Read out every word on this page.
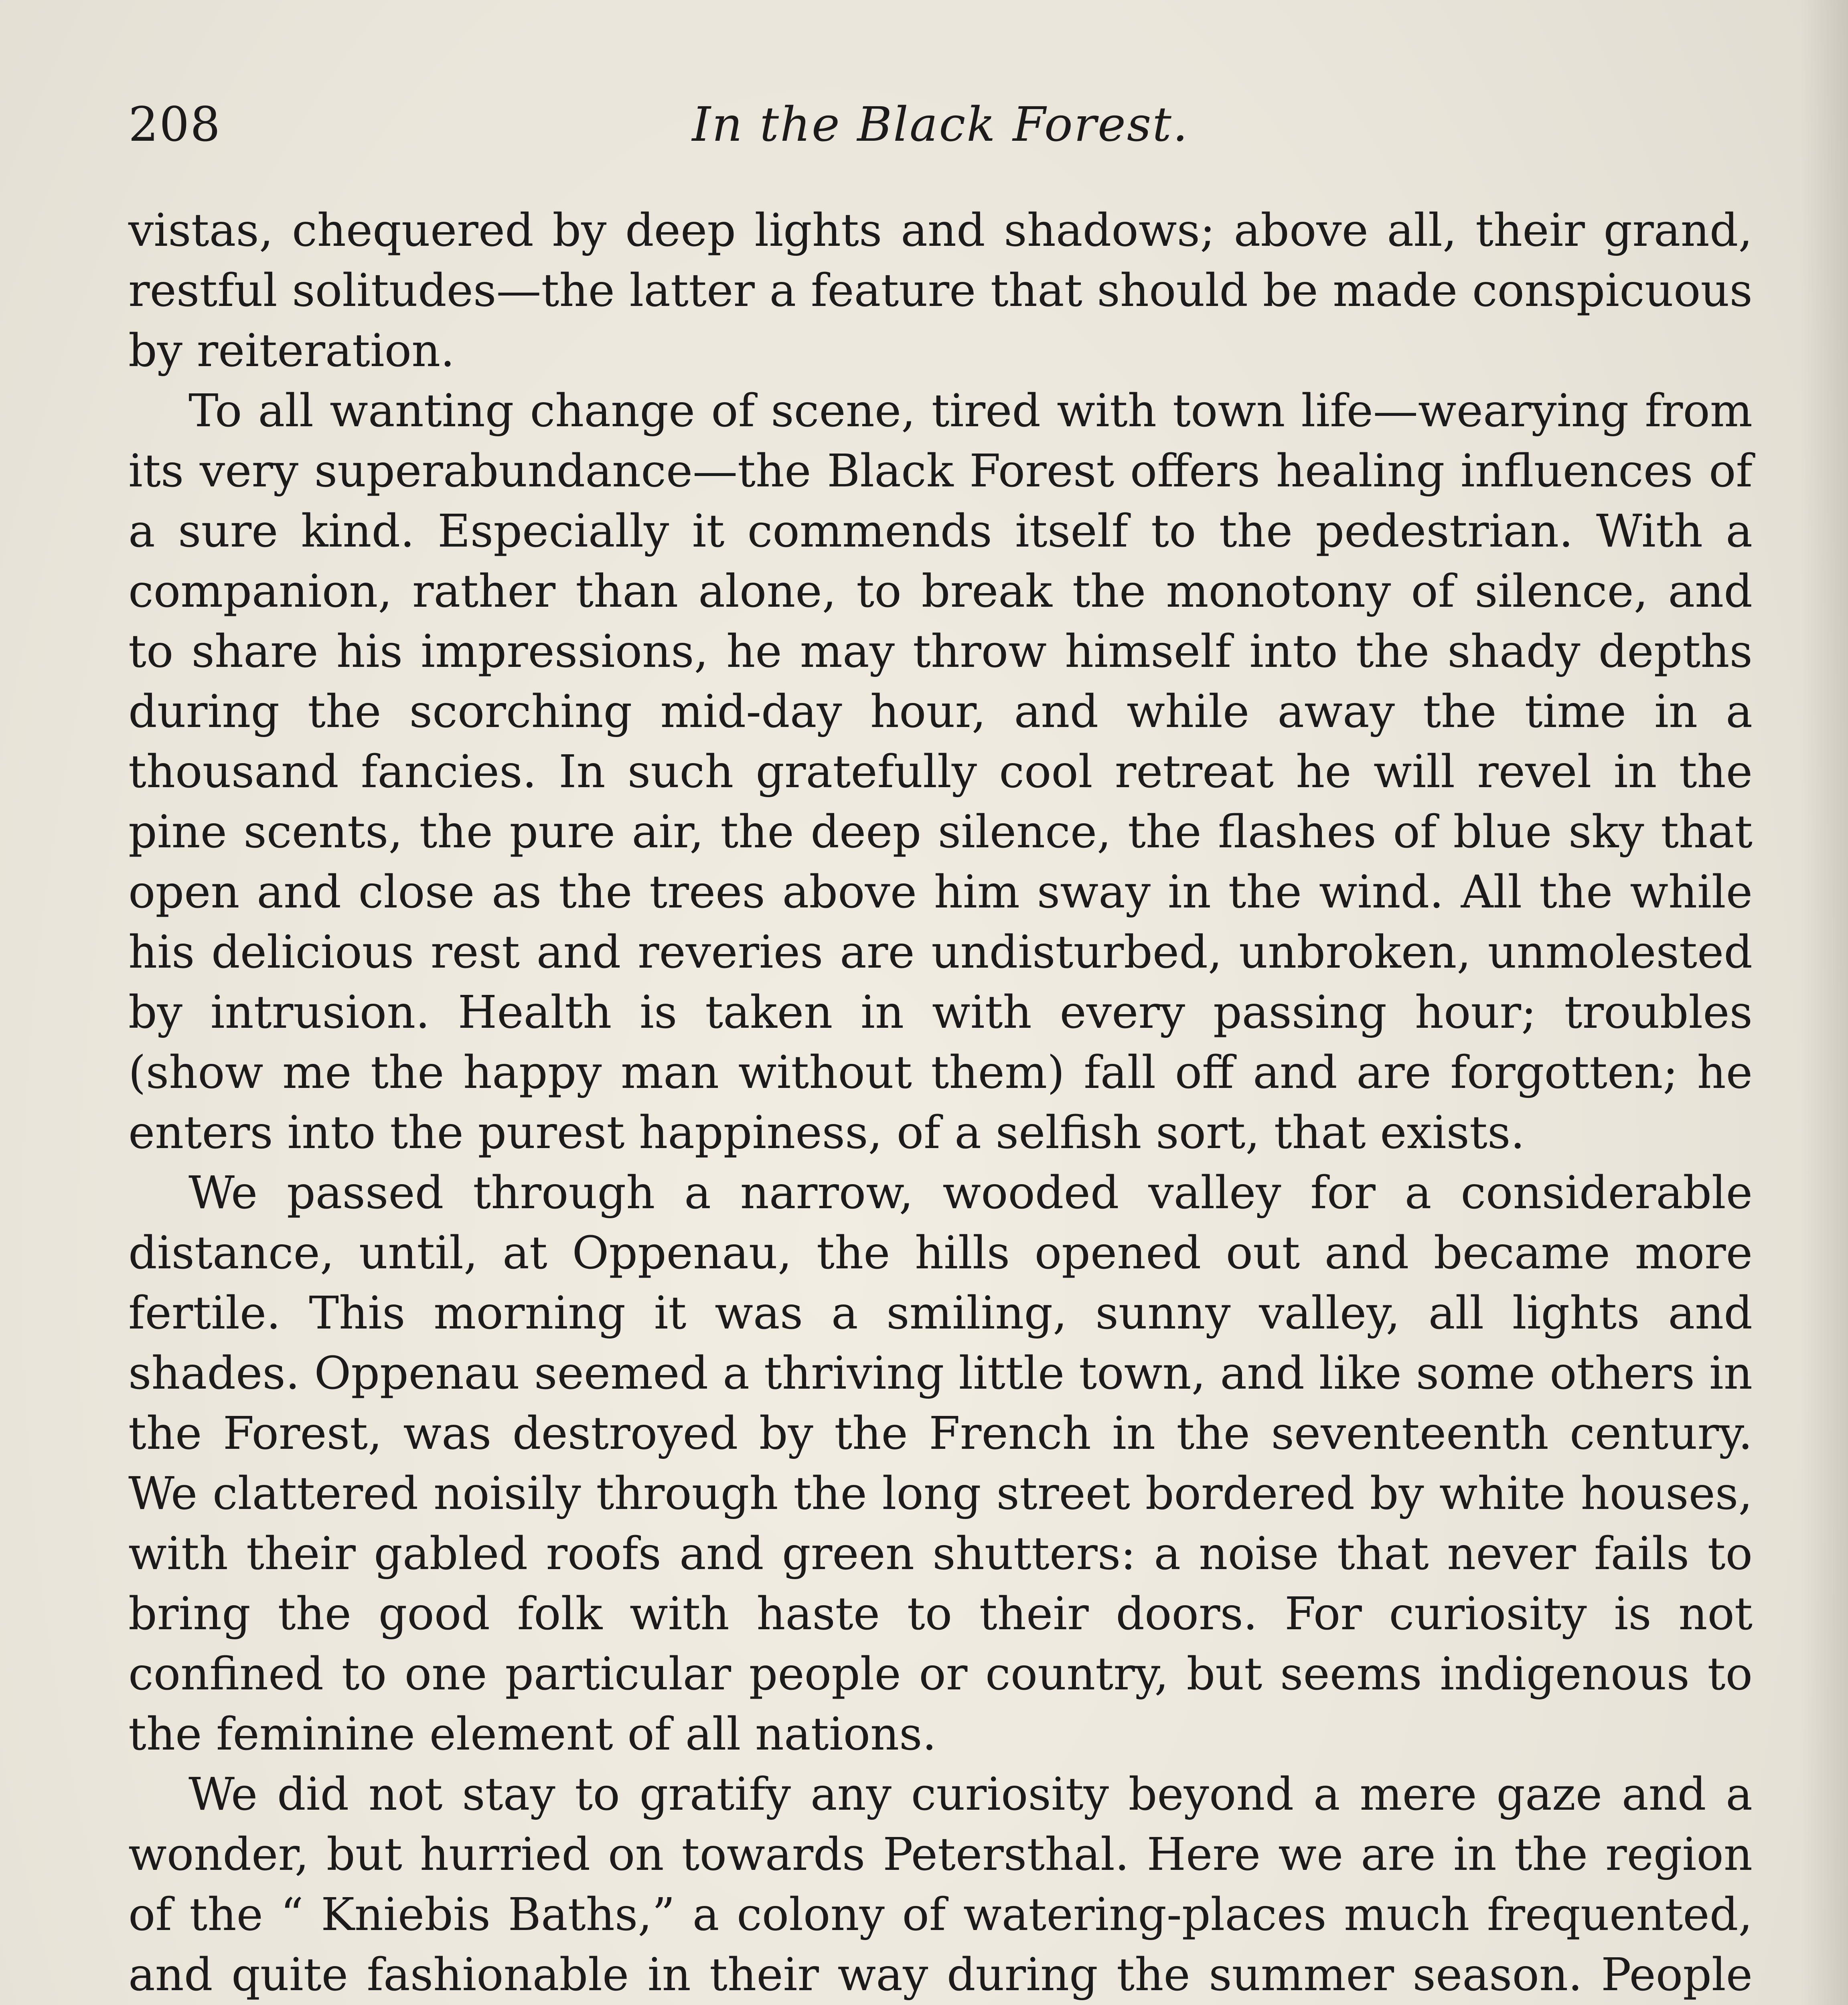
208	In the Black Forest.

vistas, chequered by deep lights and shadows; above all, their grand, restful solitudes—the latter a feature that should be made conspicuous by reiteration.

To all wanting change of scene, tired with town life—wearying from its very superabundance—the Black Forest offers healing influences of a sure kind. Especially it commends itself to the pedestrian. With a companion, rather than alone, to break the monotony of silence, and to share his impressions, he may throw himself into the shady depths during the scorching mid-day hour, and while away the time in a thousand fancies. In such gratefully cool retreat he will revel in the pine scents, the pure air, the deep silence, the flashes of blue sky that open and close as the trees above him sway in the wind. All the while his delicious rest and reveries are undisturbed, unbroken, unmolested by intrusion. Health is taken in with every passing hour; troubles (show me the happy man without them) fall off and are forgotten; he enters into the purest happiness, of a selfish sort, that exists.

We passed through a narrow, wooded valley for a considerable distance, until, at Oppenau, the hills opened out and became more fertile. This morning it was a smiling, sunny valley, all lights and shades. Oppenau seemed a thriving little town, and like some others in the Forest, was destroyed by the French in the seventeenth century. We clattered noisily through the long street bordered by white houses, with their gabled roofs and green shutters: a noise that never fails to bring the good folk with haste to their doors. For curiosity is not confined to one particular people or country, but seems indigenous to the feminine element of all nations.

We did not stay to gratify any curiosity beyond a mere gaze and a wonder, but hurried on towards Petersthal. Here we are in the region of the “ Kniebis Baths,” a colony of watering-places much frequented, and quite fashionable in their way during the summer season. People
